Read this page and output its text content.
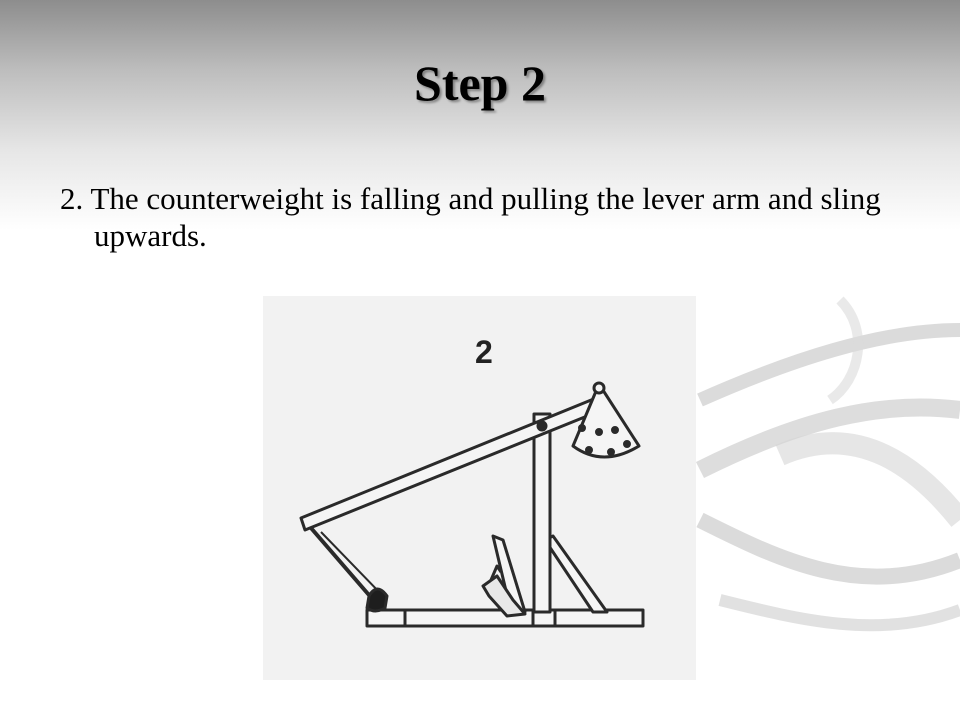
Step 2

2. The counterweight is falling and pulling the lever arm and sling upwards.

2
